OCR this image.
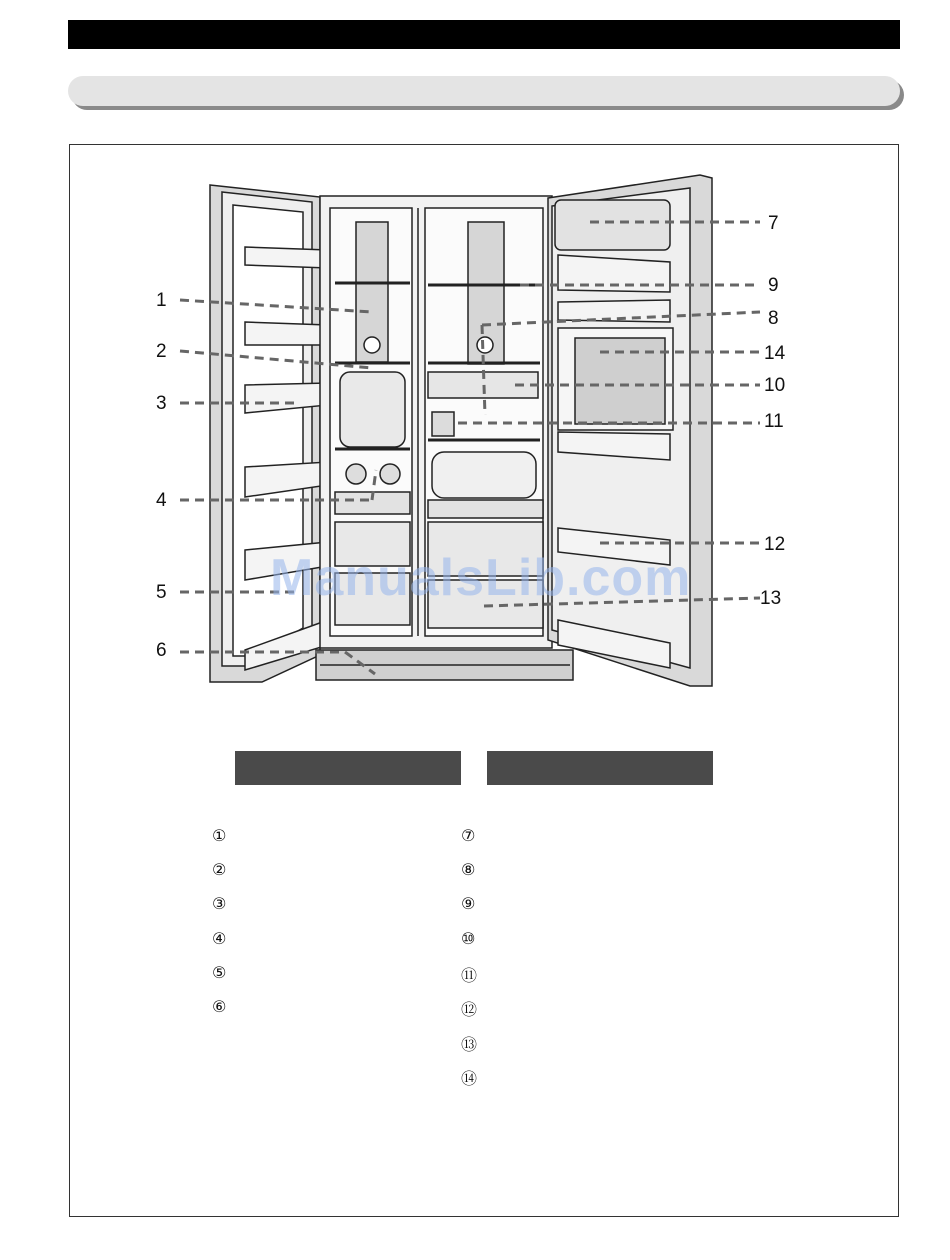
1
2
3
4
5
6
7
8
9
10
11
12
13
14
ManualsLib.com
①
②
③
④
⑤
⑥
⑦
⑧
⑨
⑩
⑪
⑫
⑬
⑭
